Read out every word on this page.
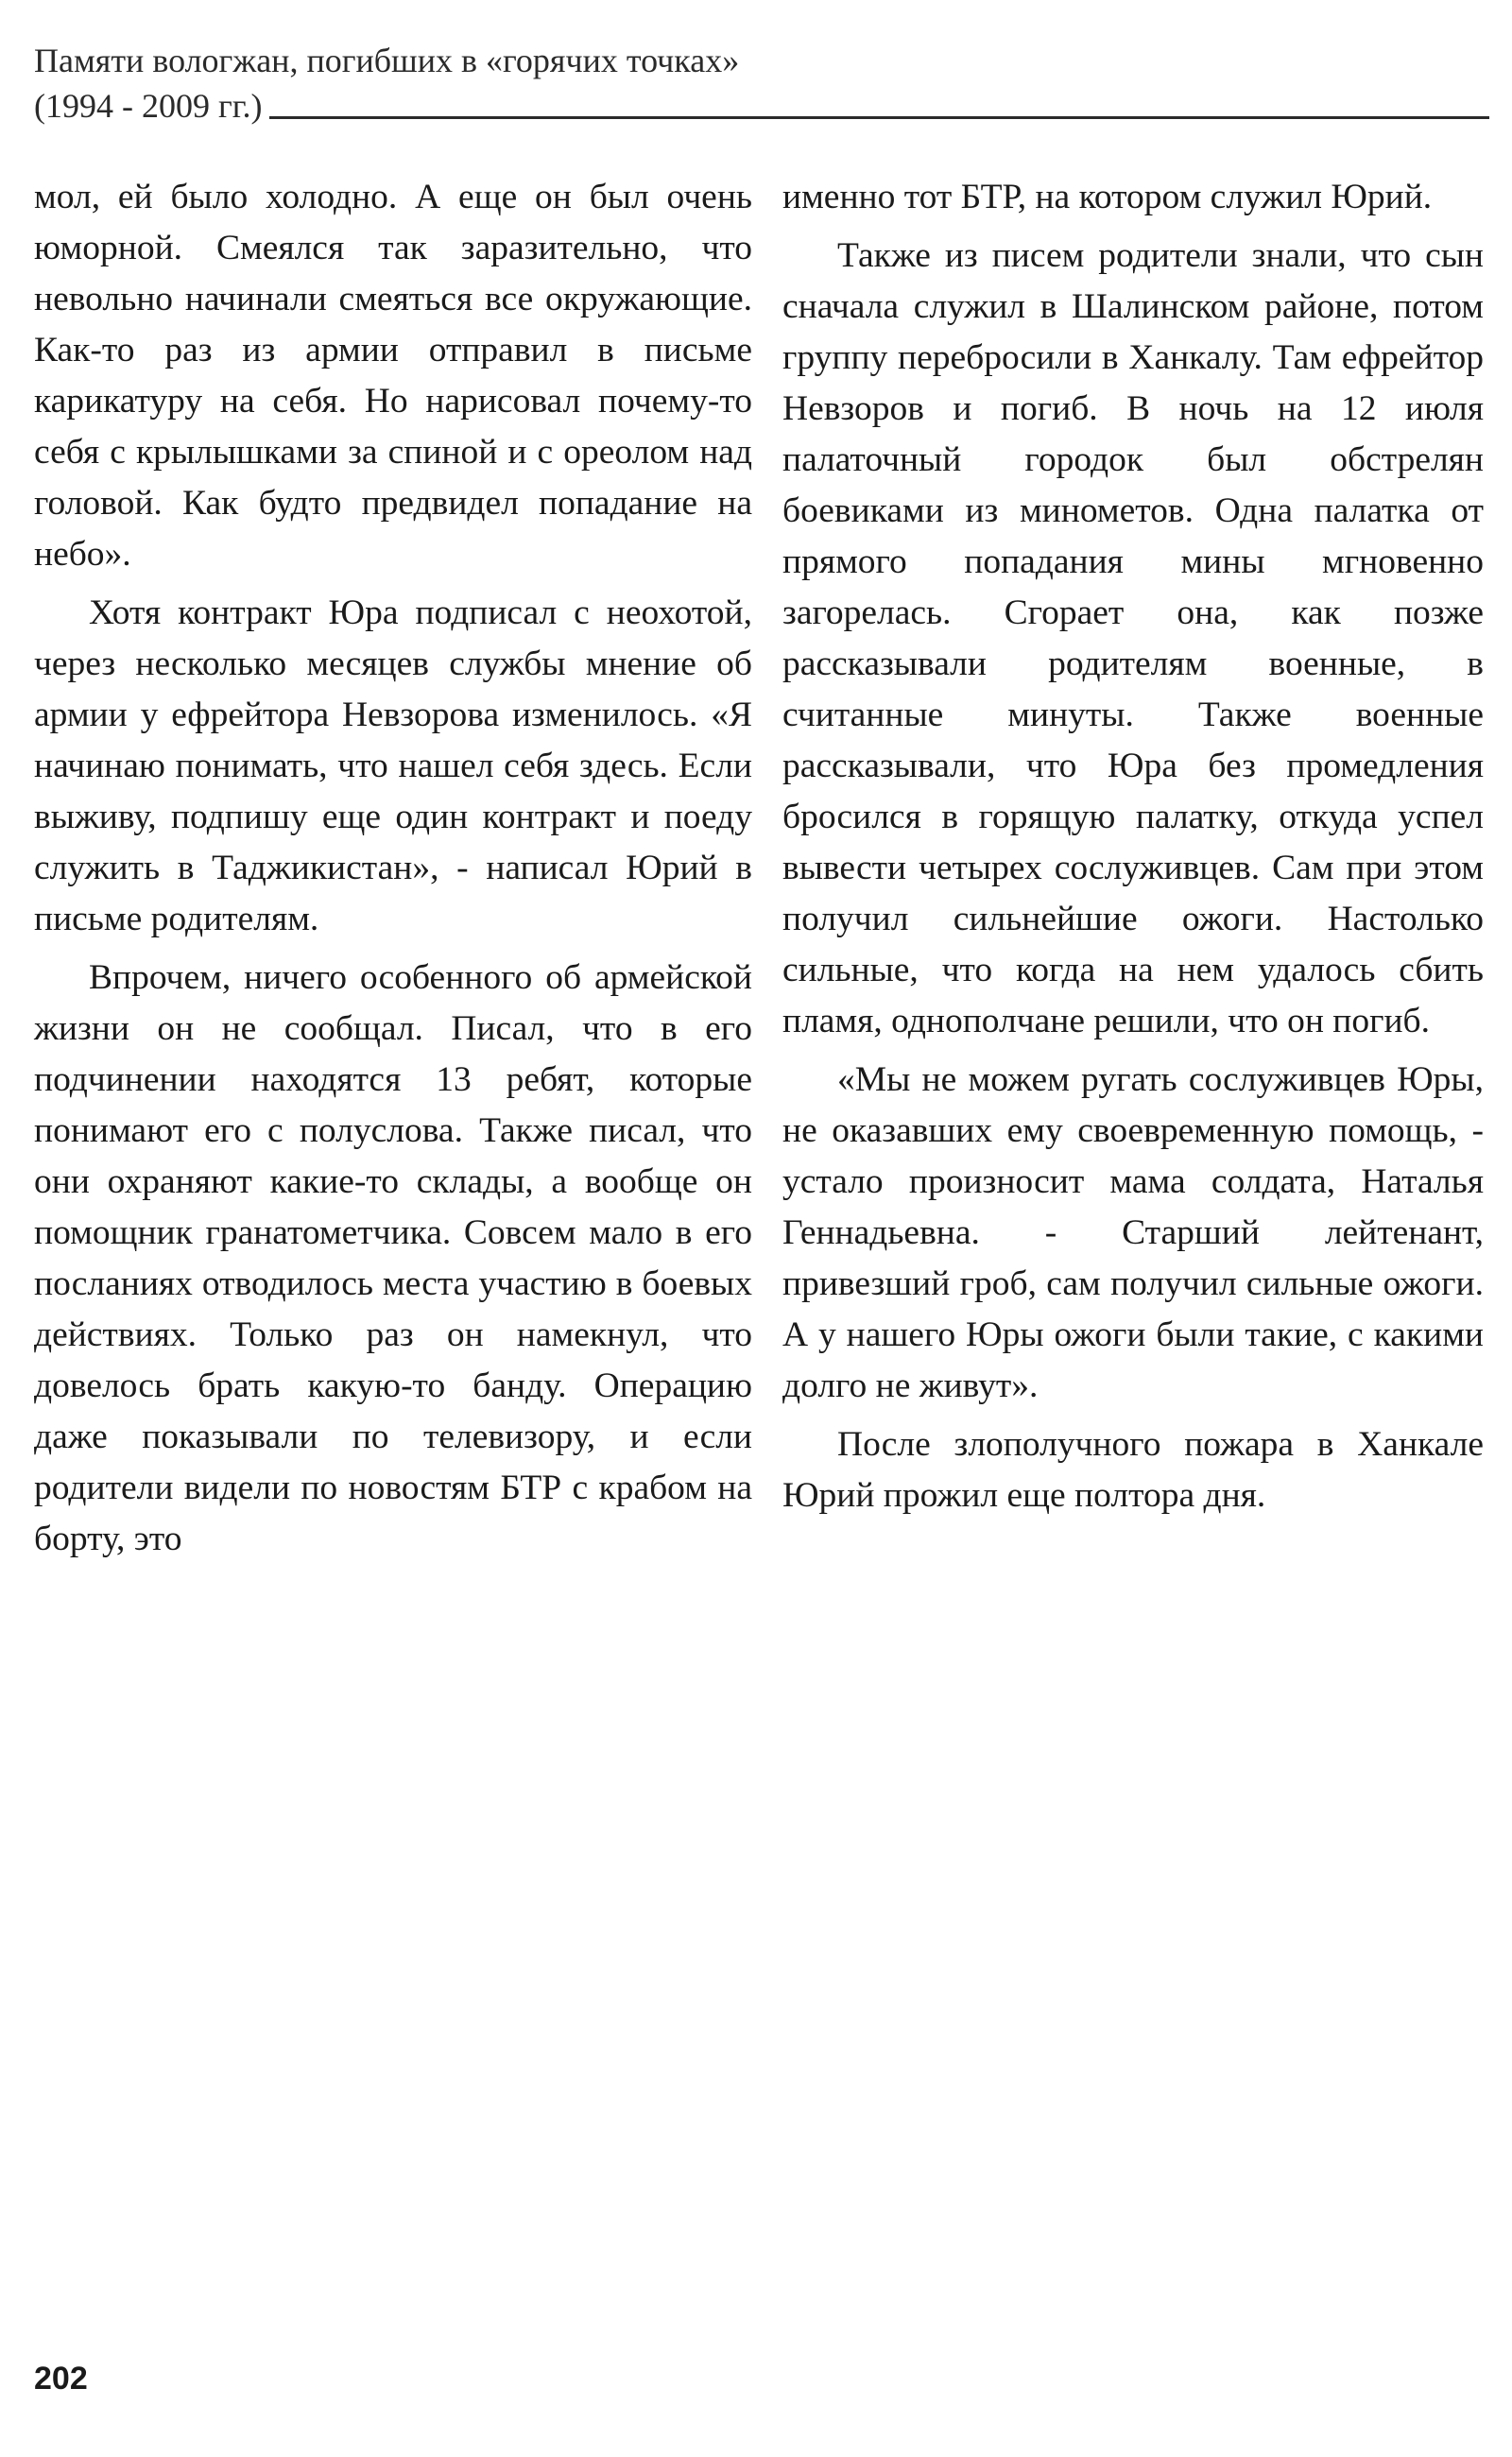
Памяти вологжан, погибших в «горячих точках»
(1994 - 2009 гг.)

мол, ей было холодно. А еще он был очень юморной. Смеялся так заразительно, что невольно начинали смеяться все окружающие. Как-то раз из армии отправил в письме карикатуру на себя. Но нарисовал почему-то себя с крылышками за спиной и с ореолом над головой. Как будто предвидел попадание на небо».

Хотя контракт Юра подписал с неохотой, через несколько месяцев службы мнение об армии у ефрейтора Невзорова изменилось. «Я начинаю понимать, что нашел себя здесь. Если выживу, подпишу еще один контракт и поеду служить в Таджикистан», - написал Юрий в письме родителям.

Впрочем, ничего особенного об армейской жизни он не сообщал. Писал, что в его подчинении находятся 13 ребят, которые понимают его с полуслова. Также писал, что они охраняют какие-то склады, а вообще он помощник гранатометчика. Совсем мало в его посланиях отводилось места участию в боевых действиях. Только раз он намекнул, что довелось брать какую-то банду. Операцию даже показывали по телевизору, и если родители видели по новостям БТР с крабом на борту, это

именно тот БТР, на котором служил Юрий.

Также из писем родители знали, что сын сначала служил в Шалинском районе, потом группу перебросили в Ханкалу. Там ефрейтор Невзоров и погиб. В ночь на 12 июля палаточный городок был обстрелян боевиками из минометов. Одна палатка от прямого попадания мины мгновенно загорелась. Сгорает она, как позже рассказывали родителям военные, в считанные минуты. Также военные рассказывали, что Юра без промедления бросился в горящую палатку, откуда успел вывести четырех сослуживцев. Сам при этом получил сильнейшие ожоги. Настолько сильные, что когда на нем удалось сбить пламя, однополчане решили, что он погиб.

«Мы не можем ругать сослуживцев Юры, не оказавших ему своевременную помощь, - устало произносит мама солдата, Наталья Геннадьевна. - Старший лейтенант, привезший гроб, сам получил сильные ожоги. А у нашего Юры ожоги были такие, с какими долго не живут».

После злополучного пожара в Ханкале Юрий прожил еще полтора дня.

202
